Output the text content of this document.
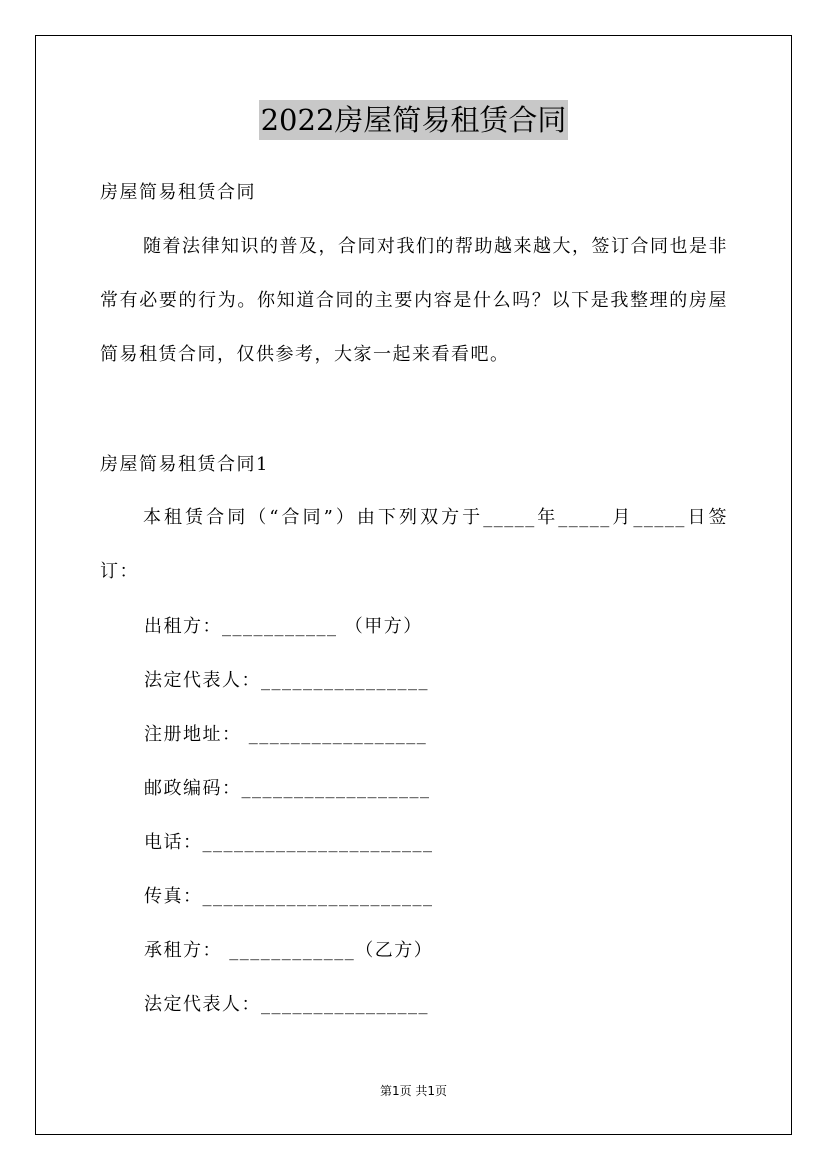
2022房屋简易租赁合同
房屋简易租赁合同
随着法律知识的普及，合同对我们的帮助越来越大，签订合同也是非常有必要的行为。你知道合同的主要内容是什么吗？以下是我整理的房屋简易租赁合同，仅供参考，大家一起来看看吧。
房屋简易租赁合同1
本租赁合同（“合同”）由下列双方于_____年_____月_____日签订：
出租方：___________ （甲方）
法定代表人：________________
注册地址： _________________
邮政编码：__________________
电话：______________________
传真：______________________
承租方： ____________（乙方）
法定代表人：________________
第1页 共1页
